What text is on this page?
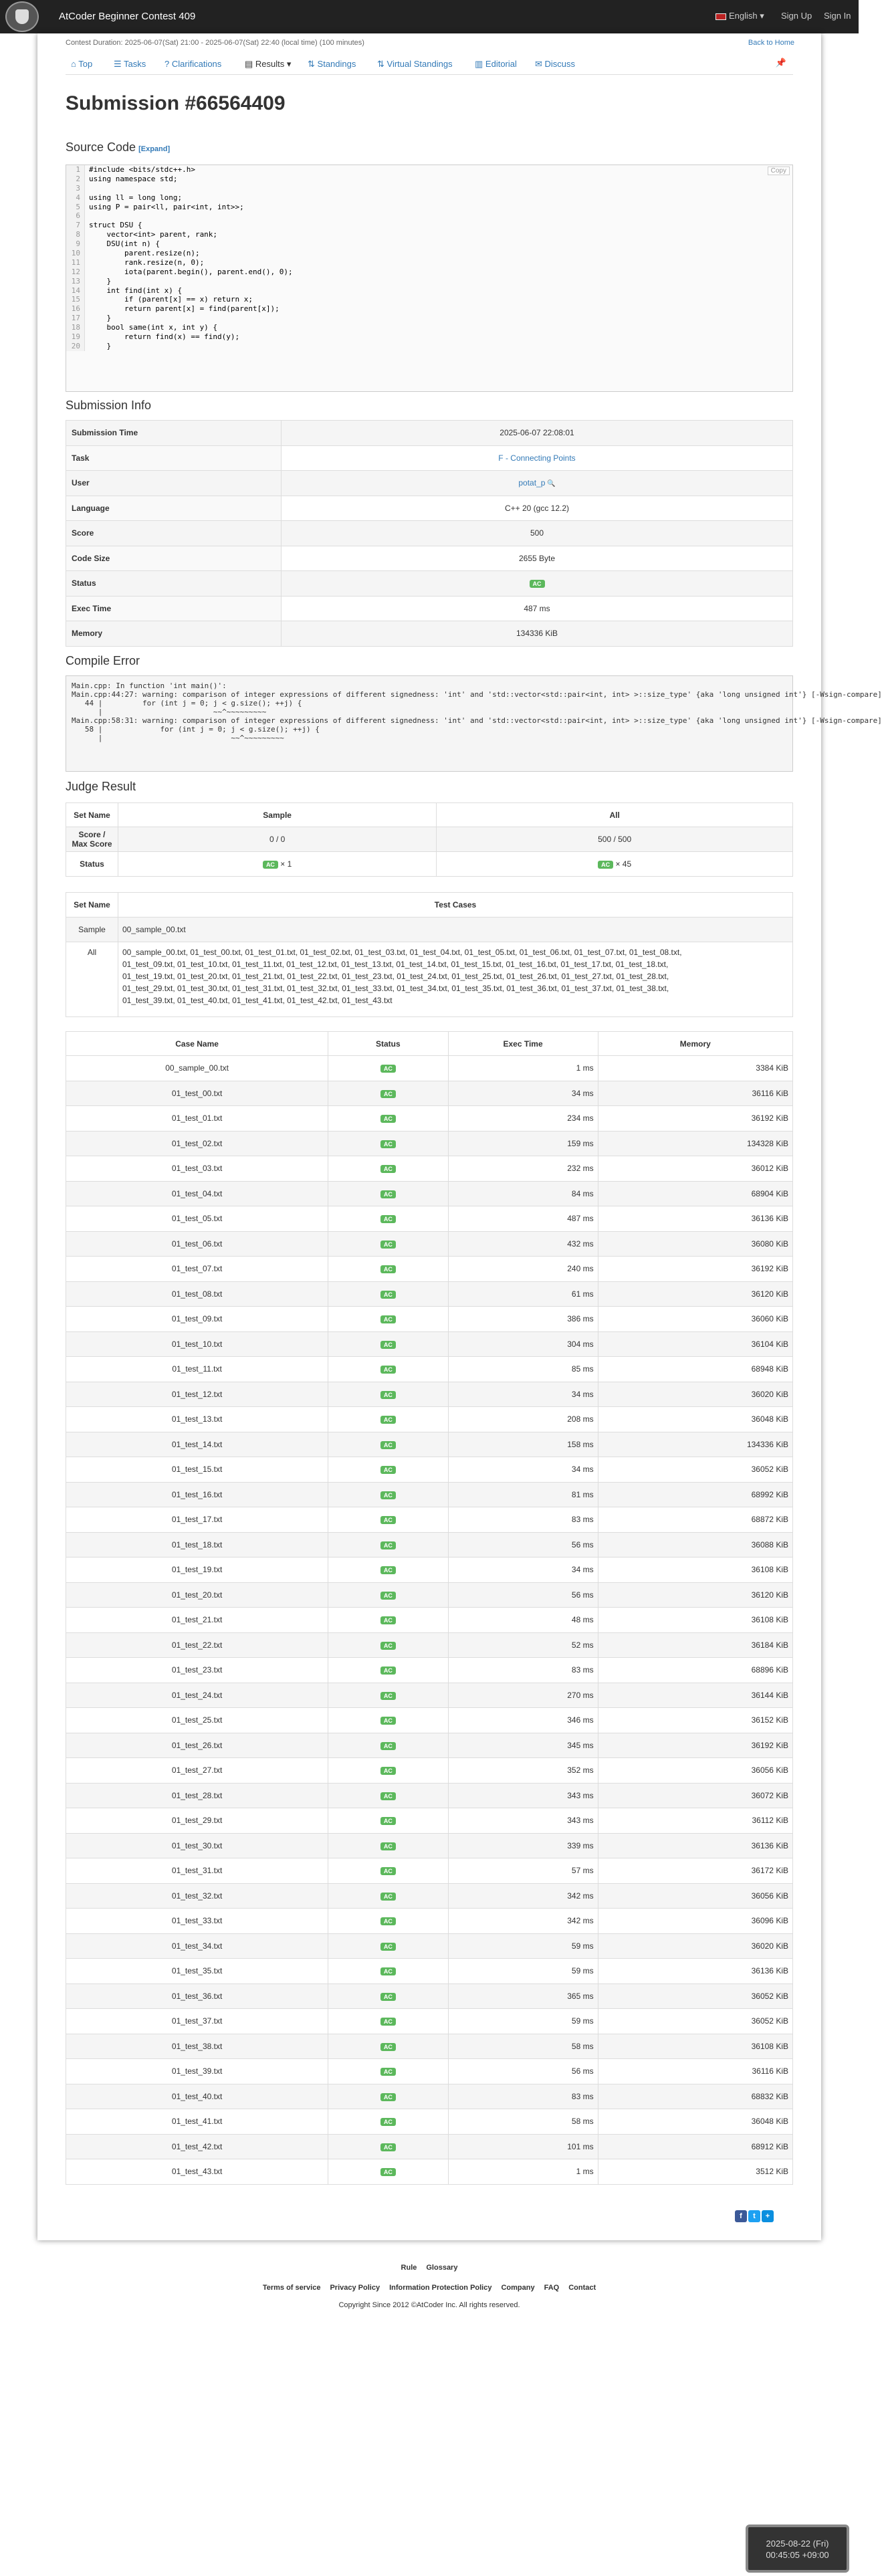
AtCoder Beginner Contest 409	English ▾ Sign Up Sign In
Contest Duration: 2025-06-07(Sat) 21:00 - 2025-06-07(Sat) 22:40 (local time) (100 minutes)	Back to Home
⌂ Top ☰ Tasks ? Clarifications	▤ Results ▾ ⇅ Standings ⇅ Virtual Standings	▥ Editorial ✉ Discuss	📌
Submission #66564409
Source Code [Expand]
Copy
1 #include <bits/stdc++.h>
2 using namespace std;
3
4 using ll = long long;
5 using P = pair<ll, pair<int, int>>;
6
7 struct DSU {
8    vector<int> parent, rank;
9    DSU(int n) {
10        parent.resize(n);
11        rank.resize(n, 0);
12        iota(parent.begin(), parent.end(), 0);
13    }
14    int find(int x) {
15        if (parent[x] == x) return x;
16        return parent[x] = find(parent[x]);
17    }
18    bool same(int x, int y) {
19        return find(x) == find(y);
20    }
Submission Info
Submission Time	2025-06-07 22:08:01
Task	F - Connecting Points
User	potat_p 🔍
Language	C++ 20 (gcc 12.2)
Score	500
Code Size	2655 Byte
Status	AC
Exec Time	487 ms
Memory	134336 KiB
Compile Error
Main.cpp: In function 'int main()':
Main.cpp:44:27: warning: comparison of integer expressions of different signedness: 'int' and 'std::vector<std::pair<int, int> >::size_type' {aka 'long unsigned int'} [-Wsign-compare]
44 |         for (int j = 0; j < g.size(); ++j) {
|                         ~~^~~~~~~~~~
Main.cpp:58:31: warning: comparison of integer expressions of different signedness: 'int' and 'std::vector<std::pair<int, int> >::size_type' {aka 'long unsigned int'} [-Wsign-compare]
58 |             for (int j = 0; j < g.size(); ++j) {
|                             ~~^~~~~~~~~~
Judge Result
Set Name	Sample	All
Score / Max Score	0 / 0	500 / 500
Status	AC × 1	AC × 45
Set Name	Test Cases
Sample	00_sample_00.txt
All	00_sample_00.txt, 01_test_00.txt, 01_test_01.txt, 01_test_02.txt, 01_test_03.txt, 01_test_04.txt, 01_test_05.txt, 01_test_06.txt, 01_test_07.txt, 01_test_08.txt,
01_test_09.txt, 01_test_10.txt, 01_test_11.txt, 01_test_12.txt, 01_test_13.txt, 01_test_14.txt, 01_test_15.txt, 01_test_16.txt, 01_test_17.txt, 01_test_18.txt,
01_test_19.txt, 01_test_20.txt, 01_test_21.txt, 01_test_22.txt, 01_test_23.txt, 01_test_24.txt, 01_test_25.txt, 01_test_26.txt, 01_test_27.txt, 01_test_28.txt,
01_test_29.txt, 01_test_30.txt, 01_test_31.txt, 01_test_32.txt, 01_test_33.txt, 01_test_34.txt, 01_test_35.txt, 01_test_36.txt, 01_test_37.txt, 01_test_38.txt,
01_test_39.txt, 01_test_40.txt, 01_test_41.txt, 01_test_42.txt, 01_test_43.txt
Case Name	Status	Exec Time	Memory
00_sample_00.txt	AC	1 ms	3384 KiB
01_test_00.txt	AC	34 ms	36116 KiB
01_test_01.txt	AC	234 ms	36192 KiB
01_test_02.txt	AC	159 ms	134328 KiB
01_test_03.txt	AC	232 ms	36012 KiB
01_test_04.txt	AC	84 ms	68904 KiB
01_test_05.txt	AC	487 ms	36136 KiB
01_test_06.txt	AC	432 ms	36080 KiB
01_test_07.txt	AC	240 ms	36192 KiB
01_test_08.txt	AC	61 ms	36120 KiB
01_test_09.txt	AC	386 ms	36060 KiB
01_test_10.txt	AC	304 ms	36104 KiB
01_test_11.txt	AC	85 ms	68948 KiB
01_test_12.txt	AC	34 ms	36020 KiB
01_test_13.txt	AC	208 ms	36048 KiB
01_test_14.txt	AC	158 ms	134336 KiB
01_test_15.txt	AC	34 ms	36052 KiB
01_test_16.txt	AC	81 ms	68992 KiB
01_test_17.txt	AC	83 ms	68872 KiB
01_test_18.txt	AC	56 ms	36088 KiB
01_test_19.txt	AC	34 ms	36108 KiB
01_test_20.txt	AC	56 ms	36120 KiB
01_test_21.txt	AC	48 ms	36108 KiB
01_test_22.txt	AC	52 ms	36184 KiB
01_test_23.txt	AC	83 ms	68896 KiB
01_test_24.txt	AC	270 ms	36144 KiB
01_test_25.txt	AC	346 ms	36152 KiB
01_test_26.txt	AC	345 ms	36192 KiB
01_test_27.txt	AC	352 ms	36056 KiB
01_test_28.txt	AC	343 ms	36072 KiB
01_test_29.txt	AC	343 ms	36112 KiB
01_test_30.txt	AC	339 ms	36136 KiB
01_test_31.txt	AC	57 ms	36172 KiB
01_test_32.txt	AC	342 ms	36056 KiB
01_test_33.txt	AC	342 ms	36096 KiB
01_test_34.txt	AC	59 ms	36020 KiB
01_test_35.txt	AC	59 ms	36136 KiB
01_test_36.txt	AC	365 ms	36052 KiB
01_test_37.txt	AC	59 ms	36052 KiB
01_test_38.txt	AC	58 ms	36108 KiB
01_test_39.txt	AC	56 ms	36116 KiB
01_test_40.txt	AC	83 ms	68832 KiB
01_test_41.txt	AC	58 ms	36048 KiB
01_test_42.txt	AC	101 ms	68912 KiB
01_test_43.txt	AC	1 ms	3512 KiB
f	t	+
Rule Glossary
Terms of service Privacy Policy Information Protection Policy Company FAQ Contact
Copyright Since 2012 ©AtCoder Inc. All rights reserved.
2025-08-22 (Fri)
00:45:05 +09:00
